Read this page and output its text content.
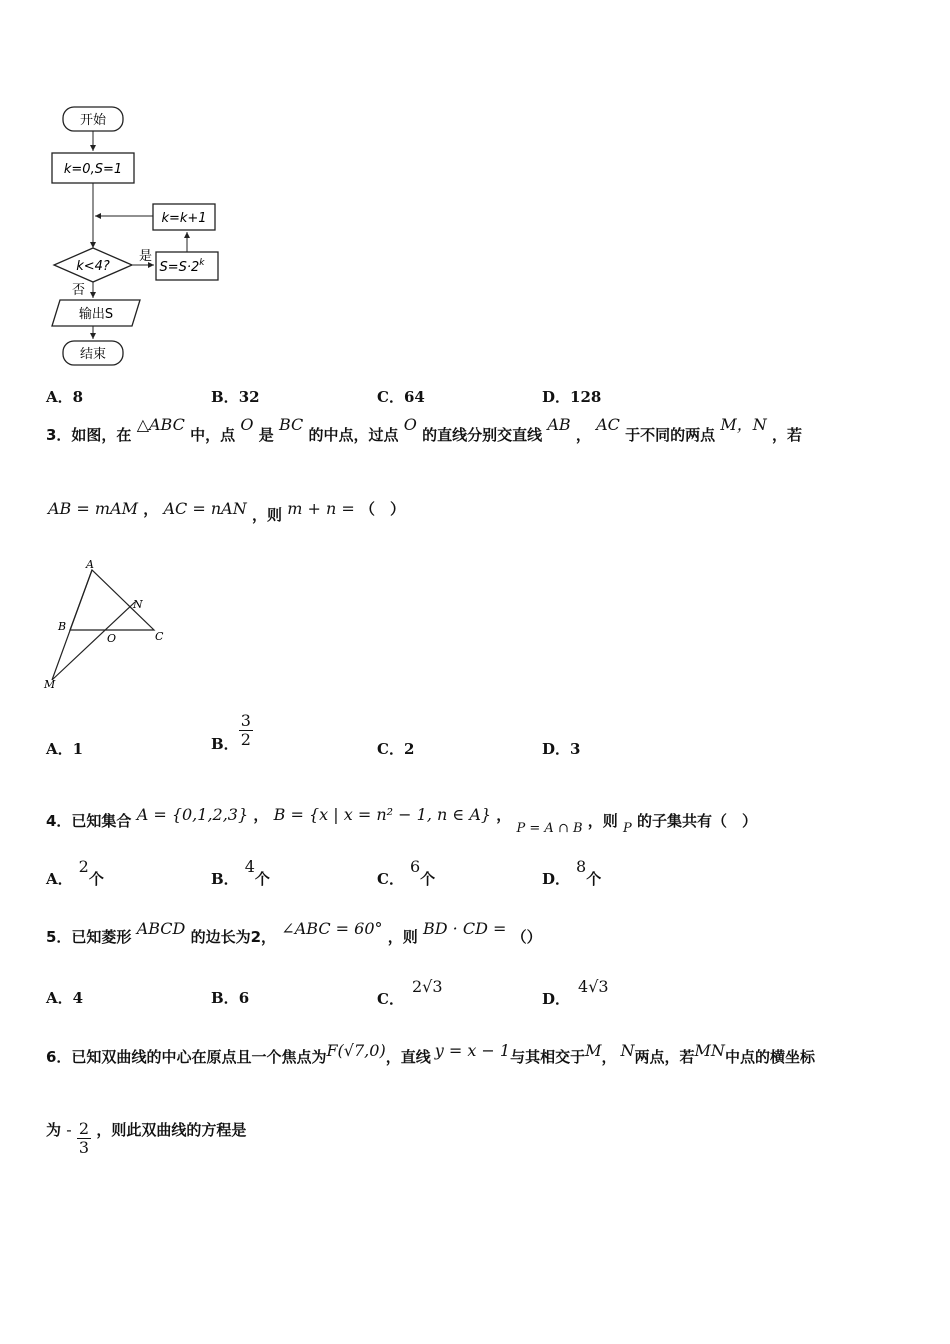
开始
k=0,S=1
k=k+1
k<4?
是
$S=S\cdot 2^k$
否
输出S
结束
A．8	B．32	C．64	D．128
3．如图，在 △ABC 中，点 O 是 BC 的中点，过点 O 的直线分别交直线 AB ， AC 于不同的两点 M，N ，若
AB = mAM ， AC = nAN ，则 m + n = （　）
A
B
C
O
N
M
A．1	B． $\frac{3}{2}$	C．2	D．3
4．已知集合 A = {0,1,2,3} ， B = {x | x = n² − 1, n ∈ A} ， P = A ∩ B ，则 P 的子集共有（　）
A．2个	B．4个	C．6个	D．8个
5．已知菱形 ABCD 的边长为2， ∠ABC = 60° ，则 BD · CD = （）
A．4	B．6	C．2√3
D．4√3
6．已知双曲线的中心在原点且一个焦点为F(√7,0)，直线 y = x − 1与其相交于M， N两点，若MN中点的横坐标
为 - $\frac{2}{3}$ ，则此双曲线的方程是
